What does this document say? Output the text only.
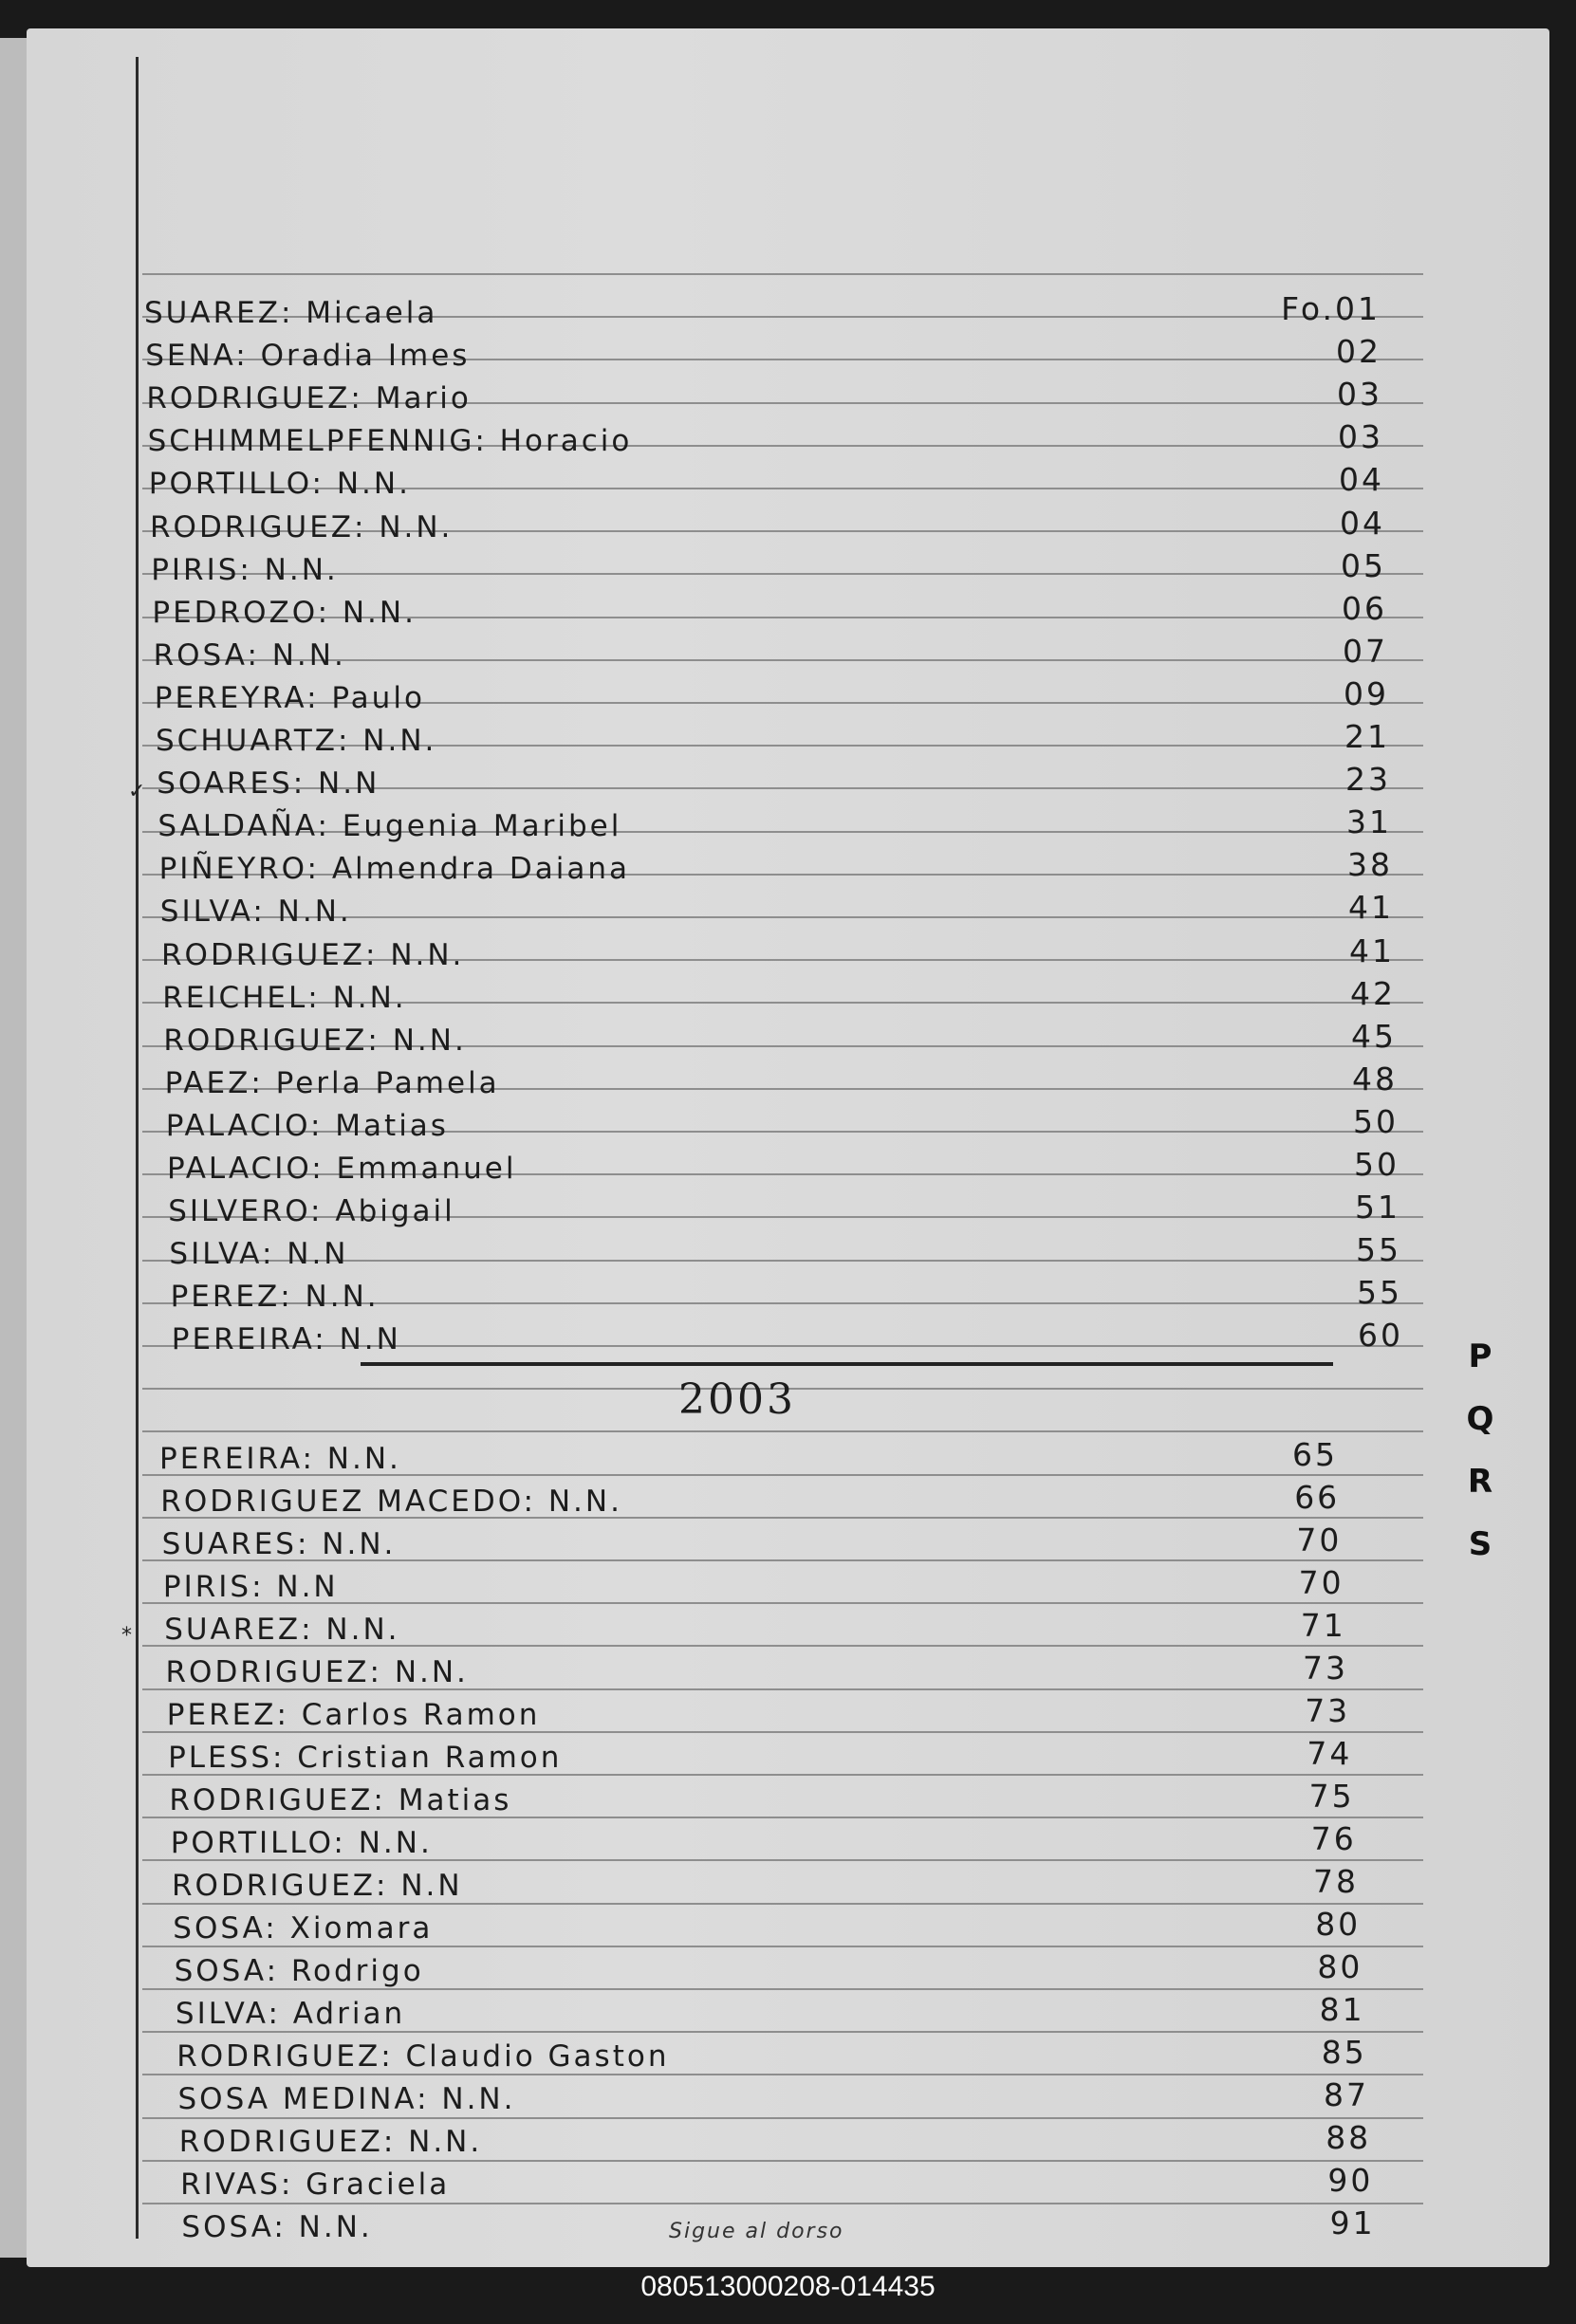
SUAREZ: Micaela	Fo.01
SENA: Oradia Imes	02
RODRIGUEZ: Mario	03
SCHIMMELPFENNIG: Horacio	03
PORTILLO: N.N.	04
RODRIGUEZ: N.N.	04
PIRIS: N.N.	05
PEDROZO: N.N.	06
ROSA: N.N.	07
PEREYRA: Paulo	09
SCHUARTZ: N.N.	21
SOARES: N.N	23
SALDAÑA: Eugenia Maribel	31
PIÑEYRO: Almendra Daiana	38
SILVA: N.N.	41
RODRIGUEZ: N.N.	41
REICHEL: N.N.	42
RODRIGUEZ: N.N.	45
PAEZ: Perla Pamela	48
PALACIO: Matias	50
PALACIO: Emmanuel	50
SILVERO: Abigail	51
SILVA: N.N	55
PEREZ: N.N.	55
PEREIRA: N.N	60
2003
PEREIRA: N.N.	65
RODRIGUEZ MACEDO: N.N.	66
SUARES: N.N.	70
PIRIS: N.N	70
SUAREZ: N.N.	71
RODRIGUEZ: N.N.	73
PEREZ: Carlos Ramon	73
PLESS: Cristian Ramon	74
RODRIGUEZ: Matias	75
PORTILLO: N.N.	76
RODRIGUEZ: N.N	78
SOSA: Xiomara	80
SOSA: Rodrigo	80
SILVA: Adrian	81
RODRIGUEZ: Claudio Gaston	85
SOSA MEDINA: N.N.	87
RODRIGUEZ: N.N.	88
RIVAS: Graciela	90
SOSA: N.N.	91
✓
*
P
Q
R
S
Sigue al dorso
080513000208-014435
